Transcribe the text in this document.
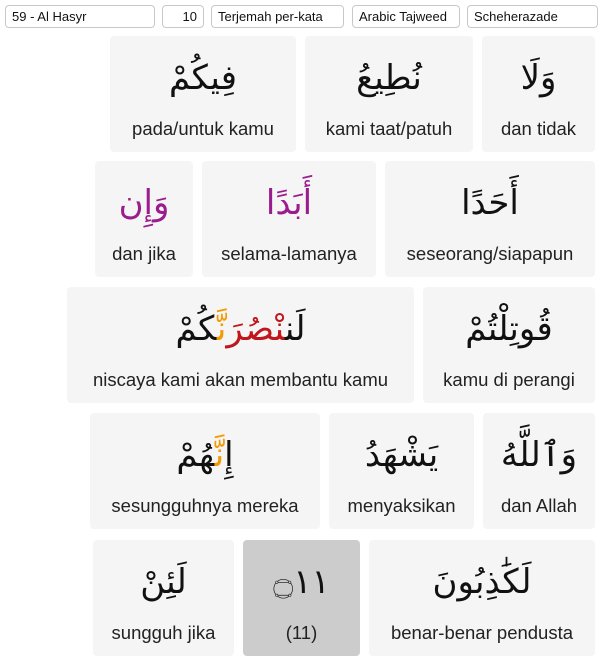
59 - Al Hasyr	10	Terjemah per-kata	Arabic Tajweed	Scheherazade
وَلَا
dan tidak
نُطِيعُ
kami taat/patuh
فِيكُمْ
pada/untuk kamu
أَحَدًا
seseorang/siapapun
أَبَدًا
selama-lamanya
وَإِن
dan jika
قُوتِلْتُمْ
kamu di perangi
لَننْصُرَنَّكُمْ
niscaya kami akan membantu kamu
وَٱللَّهُ
dan Allah
يَشْهَدُ
menyaksikan
إِنَّهُمْ
sesungguhnya mereka
لَكَٰذِبُونَ
benar-benar pendusta
۝١١
(11)
لَئِنْ
sungguh jika
